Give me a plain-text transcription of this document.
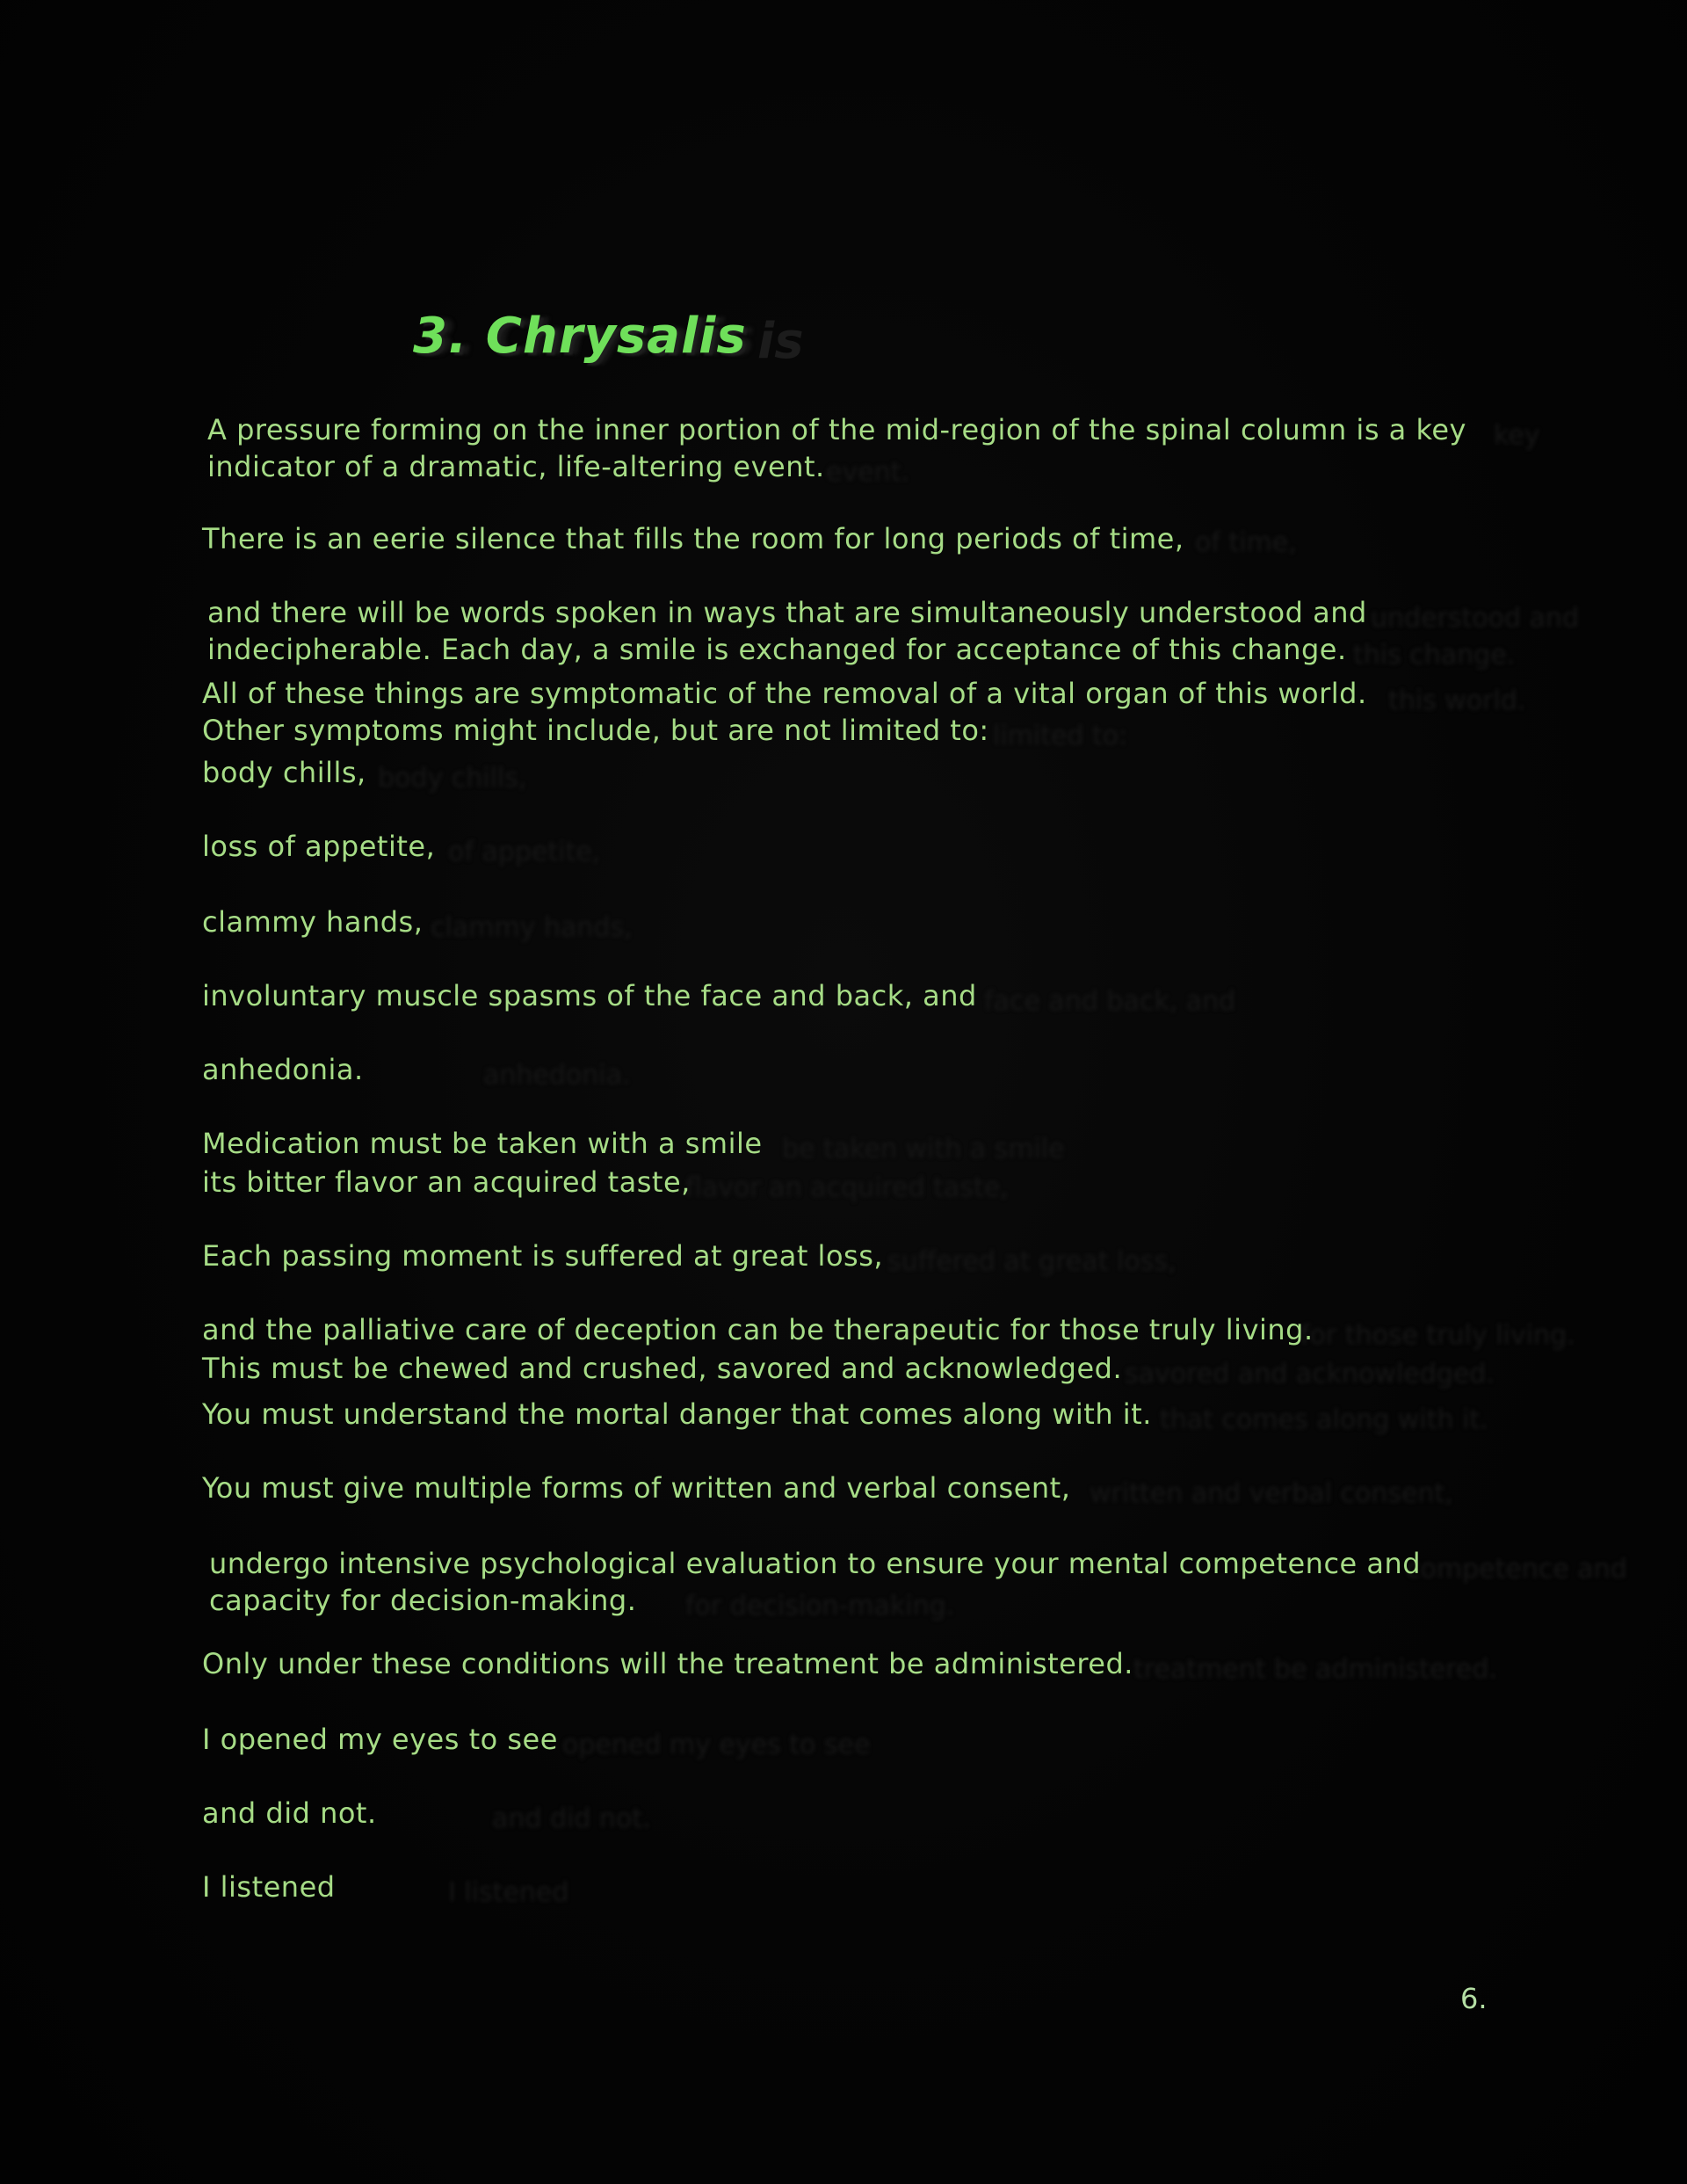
is
3. Chrysalis
key
event.
of time,
understood and
this change.
this world.
limited to:
body chills,
of appetite,
clammy hands,
face and back, and
anhedonia.
be taken with a smile
flavor an acquired taste,
suffered at great loss,
for those truly living.
savored and acknowledged.
that comes along with it.
written and verbal consent,
competence and
for decision-making.
treatment be administered.
opened my eyes to see
and did not.
I listened
A pressure forming on the inner portion of the mid-region of the spinal column is a key
indicator of a dramatic, life-altering event.
There is an eerie silence that fills the room for long periods of time,
and there will be words spoken in ways that are simultaneously understood and
indecipherable. Each day, a smile is exchanged for acceptance of this change.
All of these things are symptomatic of the removal of a vital organ of this world.
Other symptoms might include, but are not limited to:
body chills,
loss of appetite,
clammy hands,
involuntary muscle spasms of the face and back, and
anhedonia.
Medication must be taken with a smile
its bitter flavor an acquired taste,
Each passing moment is suffered at great loss,
and the palliative care of deception can be therapeutic for those truly living.
This must be chewed and crushed, savored and acknowledged.
You must understand the mortal danger that comes along with it.
You must give multiple forms of written and verbal consent,
undergo intensive psychological evaluation to ensure your mental competence and
capacity for decision-making.
Only under these conditions will the treatment be administered.
I opened my eyes to see
and did not.
I listened
6.
